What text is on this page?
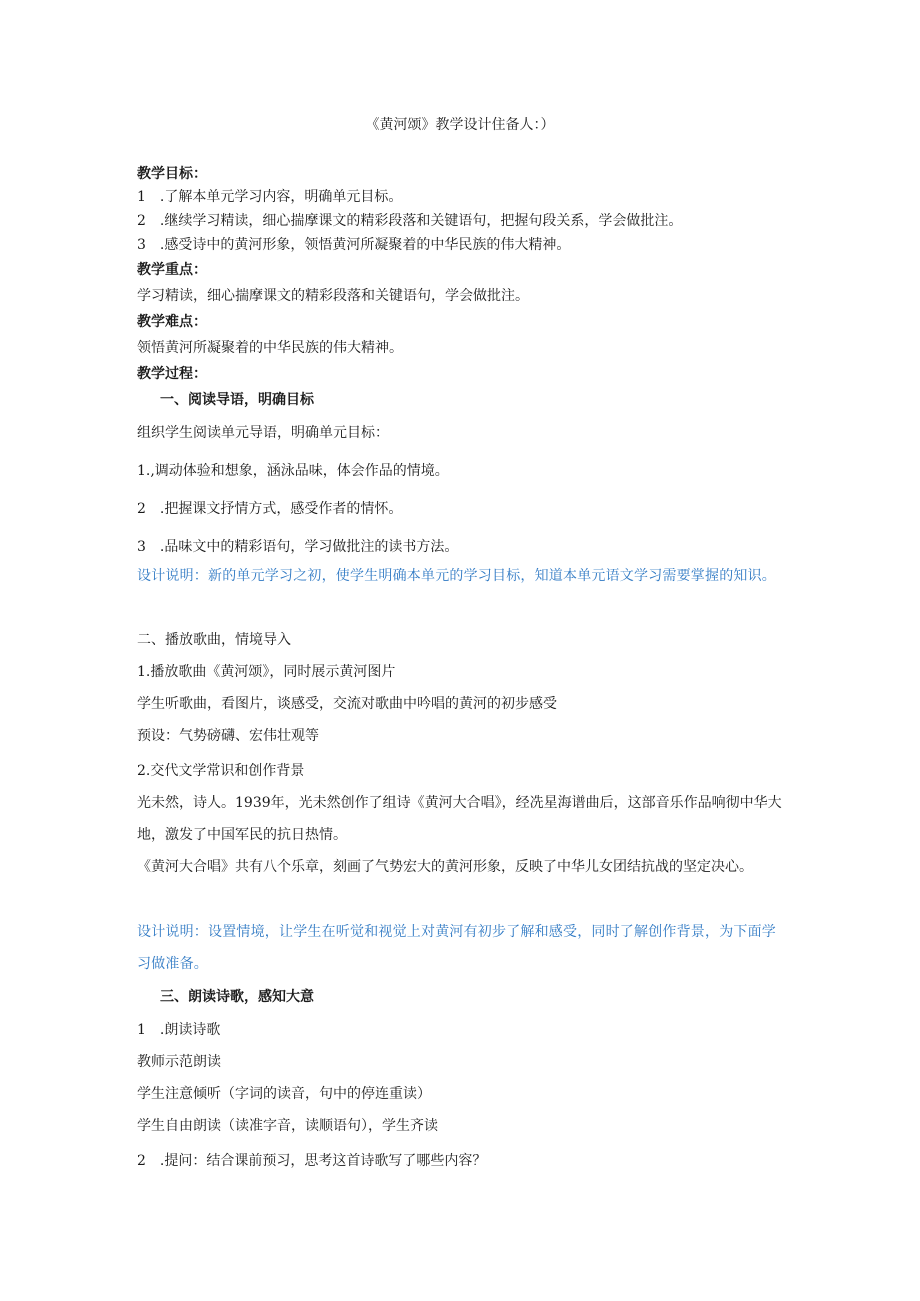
《黄河颂》教学设计住备人：）
教学目标：
1　.了解本单元学习内容，明确单元目标。
2　.继续学习精读，细心揣摩课文的精彩段落和关键语句，把握句段关系，学会做批注。
3　.感受诗中的黄河形象，领悟黄河所凝聚着的中华民族的伟大精神。
教学重点：
学习精读，细心揣摩课文的精彩段落和关键语句，学会做批注。
教学难点：
领悟黄河所凝聚着的中华民族的伟大精神。
教学过程：
一、阅读导语，明确目标
组织学生阅读单元导语，明确单元目标：
1.,调动体验和想象，涵泳品味，体会作品的情境。
2　.把握课文抒情方式，感受作者的情怀。
3　.品味文中的精彩语句，学习做批注的读书方法。
设计说明：新的单元学习之初，使学生明确本单元的学习目标，知道本单元语文学习需要掌握的知识。
二、播放歌曲，情境导入
1.播放歌曲《黄河颂》，同时展示黄河图片
学生听歌曲，看图片，谈感受，交流对歌曲中吟唱的黄河的初步感受
预设：气势磅礴、宏伟壮观等
2.交代文学常识和创作背景
光未然，诗人。1939年，光未然创作了组诗《黄河大合唱》，经冼星海谱曲后，这部音乐作品响彻中华大地，激发了中国军民的抗日热情。
《黄河大合唱》共有八个乐章，刻画了气势宏大的黄河形象，反映了中华儿女团结抗战的坚定决心。
设计说明：设置情境，让学生在听觉和视觉上对黄河有初步了解和感受，同时了解创作背景，为下面学习做准备。
三、朗读诗歌，感知大意
1　.朗读诗歌
教师示范朗读
学生注意倾听（字词的读音，句中的停连重读）
学生自由朗读（读准字音，读顺语句），学生齐读
2　.提问：结合课前预习，思考这首诗歌写了哪些内容？
